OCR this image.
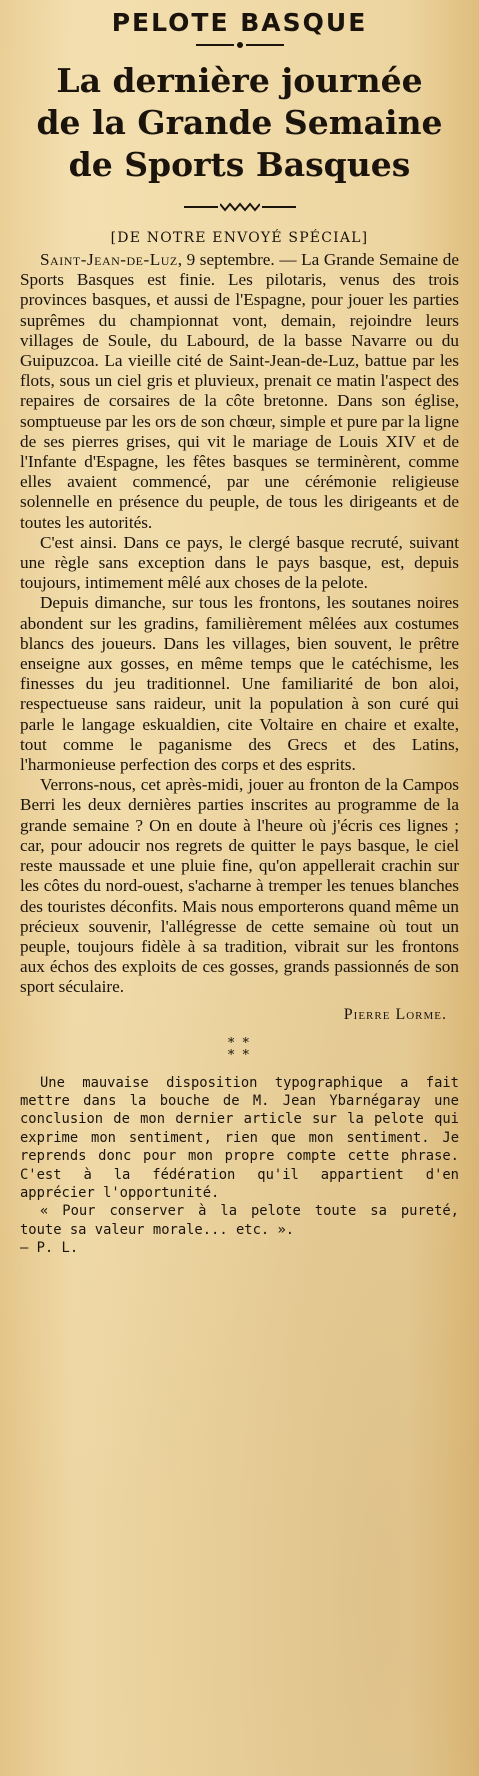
PELOTE BASQUE
La dernière journée
de la Grande Semaine
de Sports Basques
[DE NOTRE ENVOYÉ SPÉCIAL]

Saint-Jean-de-Luz, 9 septembre. — La Grande Semaine de Sports Basques est finie. Les pilotaris, venus des trois provinces basques, et aussi de l'Espagne, pour jouer les parties suprêmes du championnat vont, demain, rejoindre leurs villages de Soule, du Labourd, de la basse Navarre ou du Guipuzcoa. La vieille cité de Saint-Jean-de-Luz, battue par les flots, sous un ciel gris et pluvieux, prenait ce matin l'aspect des repaires de corsaires de la côte bretonne. Dans son église, somptueuse par les ors de son chœur, simple et pure par la ligne de ses pierres grises, qui vit le mariage de Louis XIV et de l'Infante d'Espagne, les fêtes basques se terminèrent, comme elles avaient commencé, par une cérémonie religieuse solennelle en présence du peuple, de tous les dirigeants et de toutes les autorités.

C'est ainsi. Dans ce pays, le clergé basque recruté, suivant une règle sans exception dans le pays basque, est, depuis toujours, intimement mêlé aux choses de la pelote.

Depuis dimanche, sur tous les frontons, les soutanes noires abondent sur les gradins, familièrement mêlées aux costumes blancs des joueurs. Dans les villages, bien souvent, le prêtre enseigne aux gosses, en même temps que le catéchisme, les finesses du jeu traditionnel. Une familiarité de bon aloi, respectueuse sans raideur, unit la population à son curé qui parle le langage eskualdien, cite Voltaire en chaire et exalte, tout comme le paganisme des Grecs et des Latins, l'harmonieuse perfection des corps et des esprits.

Verrons-nous, cet après-midi, jouer au fronton de la Campos Berri les deux dernières parties inscrites au programme de la grande semaine ? On en doute à l'heure où j'écris ces lignes ; car, pour adoucir nos regrets de quitter le pays basque, le ciel reste maussade et une pluie fine, qu'on appellerait crachin sur les côtes du nord-ouest, s'acharne à tremper les tenues blanches des touristes déconfits. Mais nous emporterons quand même un précieux souvenir, l'allégresse de cette semaine où tout un peuple, toujours fidèle à sa tradition, vibrait sur les frontons aux échos des exploits de ces gosses, grands passionnés de son sport séculaire.

Pierre Lorme.
* *
* *

Une mauvaise disposition typographique a fait mettre dans la bouche de M. Jean Ybarnégaray une conclusion de mon dernier article sur la pelote qui exprime mon sentiment, rien que mon sentiment. Je reprends donc pour mon propre compte cette phrase. C'est à la fédération qu'il appartient d'en apprécier l'opportunité.

« Pour conserver à la pelote toute sa pureté, toute sa valeur morale... etc. ».

— P. L.
